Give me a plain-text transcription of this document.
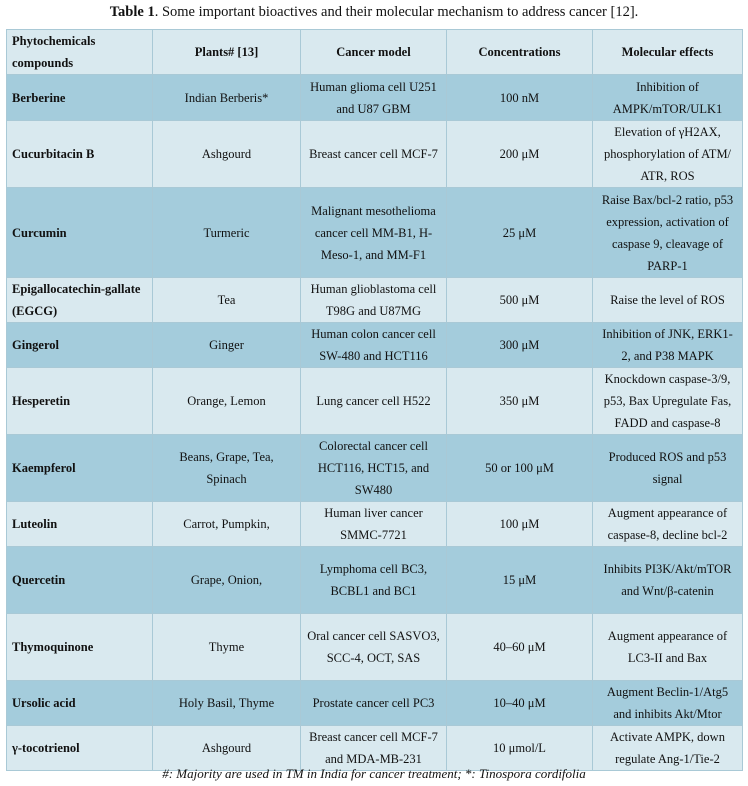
Table 1. Some important bioactives and their molecular mechanism to address cancer [12].
Phytochemicals compounds	Plants# [13]	Cancer model	Concentrations	Molecular effects
Berberine	Indian Berberis*	Human glioma cell U251 and U87 GBM	100 nM	Inhibition of AMPK/mTOR/ULK1
Cucurbitacin B	Ashgourd	Breast cancer cell MCF-7	200 μM	Elevation of γH2AX, phosphorylation of ATM/ ATR, ROS
Curcumin	Turmeric	Malignant mesothelioma cancer cell MM-B1, H-Meso-1, and MM-F1	25 μM	Raise Bax/bcl-2 ratio, p53 expression, activation of caspase 9, cleavage of PARP-1
Epigallocatechin-gallate (EGCG)	Tea	Human glioblastoma cell T98G and U87MG	500 μM	Raise the level of ROS
Gingerol	Ginger	Human colon cancer cell SW-480 and HCT116	300 μM	Inhibition of JNK, ERK1-2, and P38 MAPK
Hesperetin	Orange, Lemon	Lung cancer cell H522	350 μM	Knockdown caspase-3/9, p53, Bax Upregulate Fas, FADD and caspase-8
Kaempferol	Beans, Grape, Tea, Spinach	Colorectal cancer cell HCT116, HCT15, and SW480	50 or 100 μM	Produced ROS and p53 signal
Luteolin	Carrot, Pumpkin,	Human liver cancer SMMC-7721	100 μM	Augment appearance of caspase-8, decline bcl-2
Quercetin	Grape, Onion,	Lymphoma cell BC3, BCBL1 and BC1	15 μM	Inhibits PI3K/Akt/mTOR and Wnt/β-catenin
Thymoquinone	Thyme	Oral cancer cell SASVO3, SCC-4, OCT, SAS	40–60 μM	Augment appearance of LC3-II and Bax
Ursolic acid	Holy Basil, Thyme	Prostate cancer cell PC3	10–40 μM	Augment Beclin-1/Atg5 and inhibits Akt/Mtor
γ-tocotrienol	Ashgourd	Breast cancer cell MCF-7 and MDA-MB-231	10 μmol/L	Activate AMPK, down regulate Ang-1/Tie-2
#: Majority are used in TM in India for cancer treatment; *: Tinospora cordifolia
